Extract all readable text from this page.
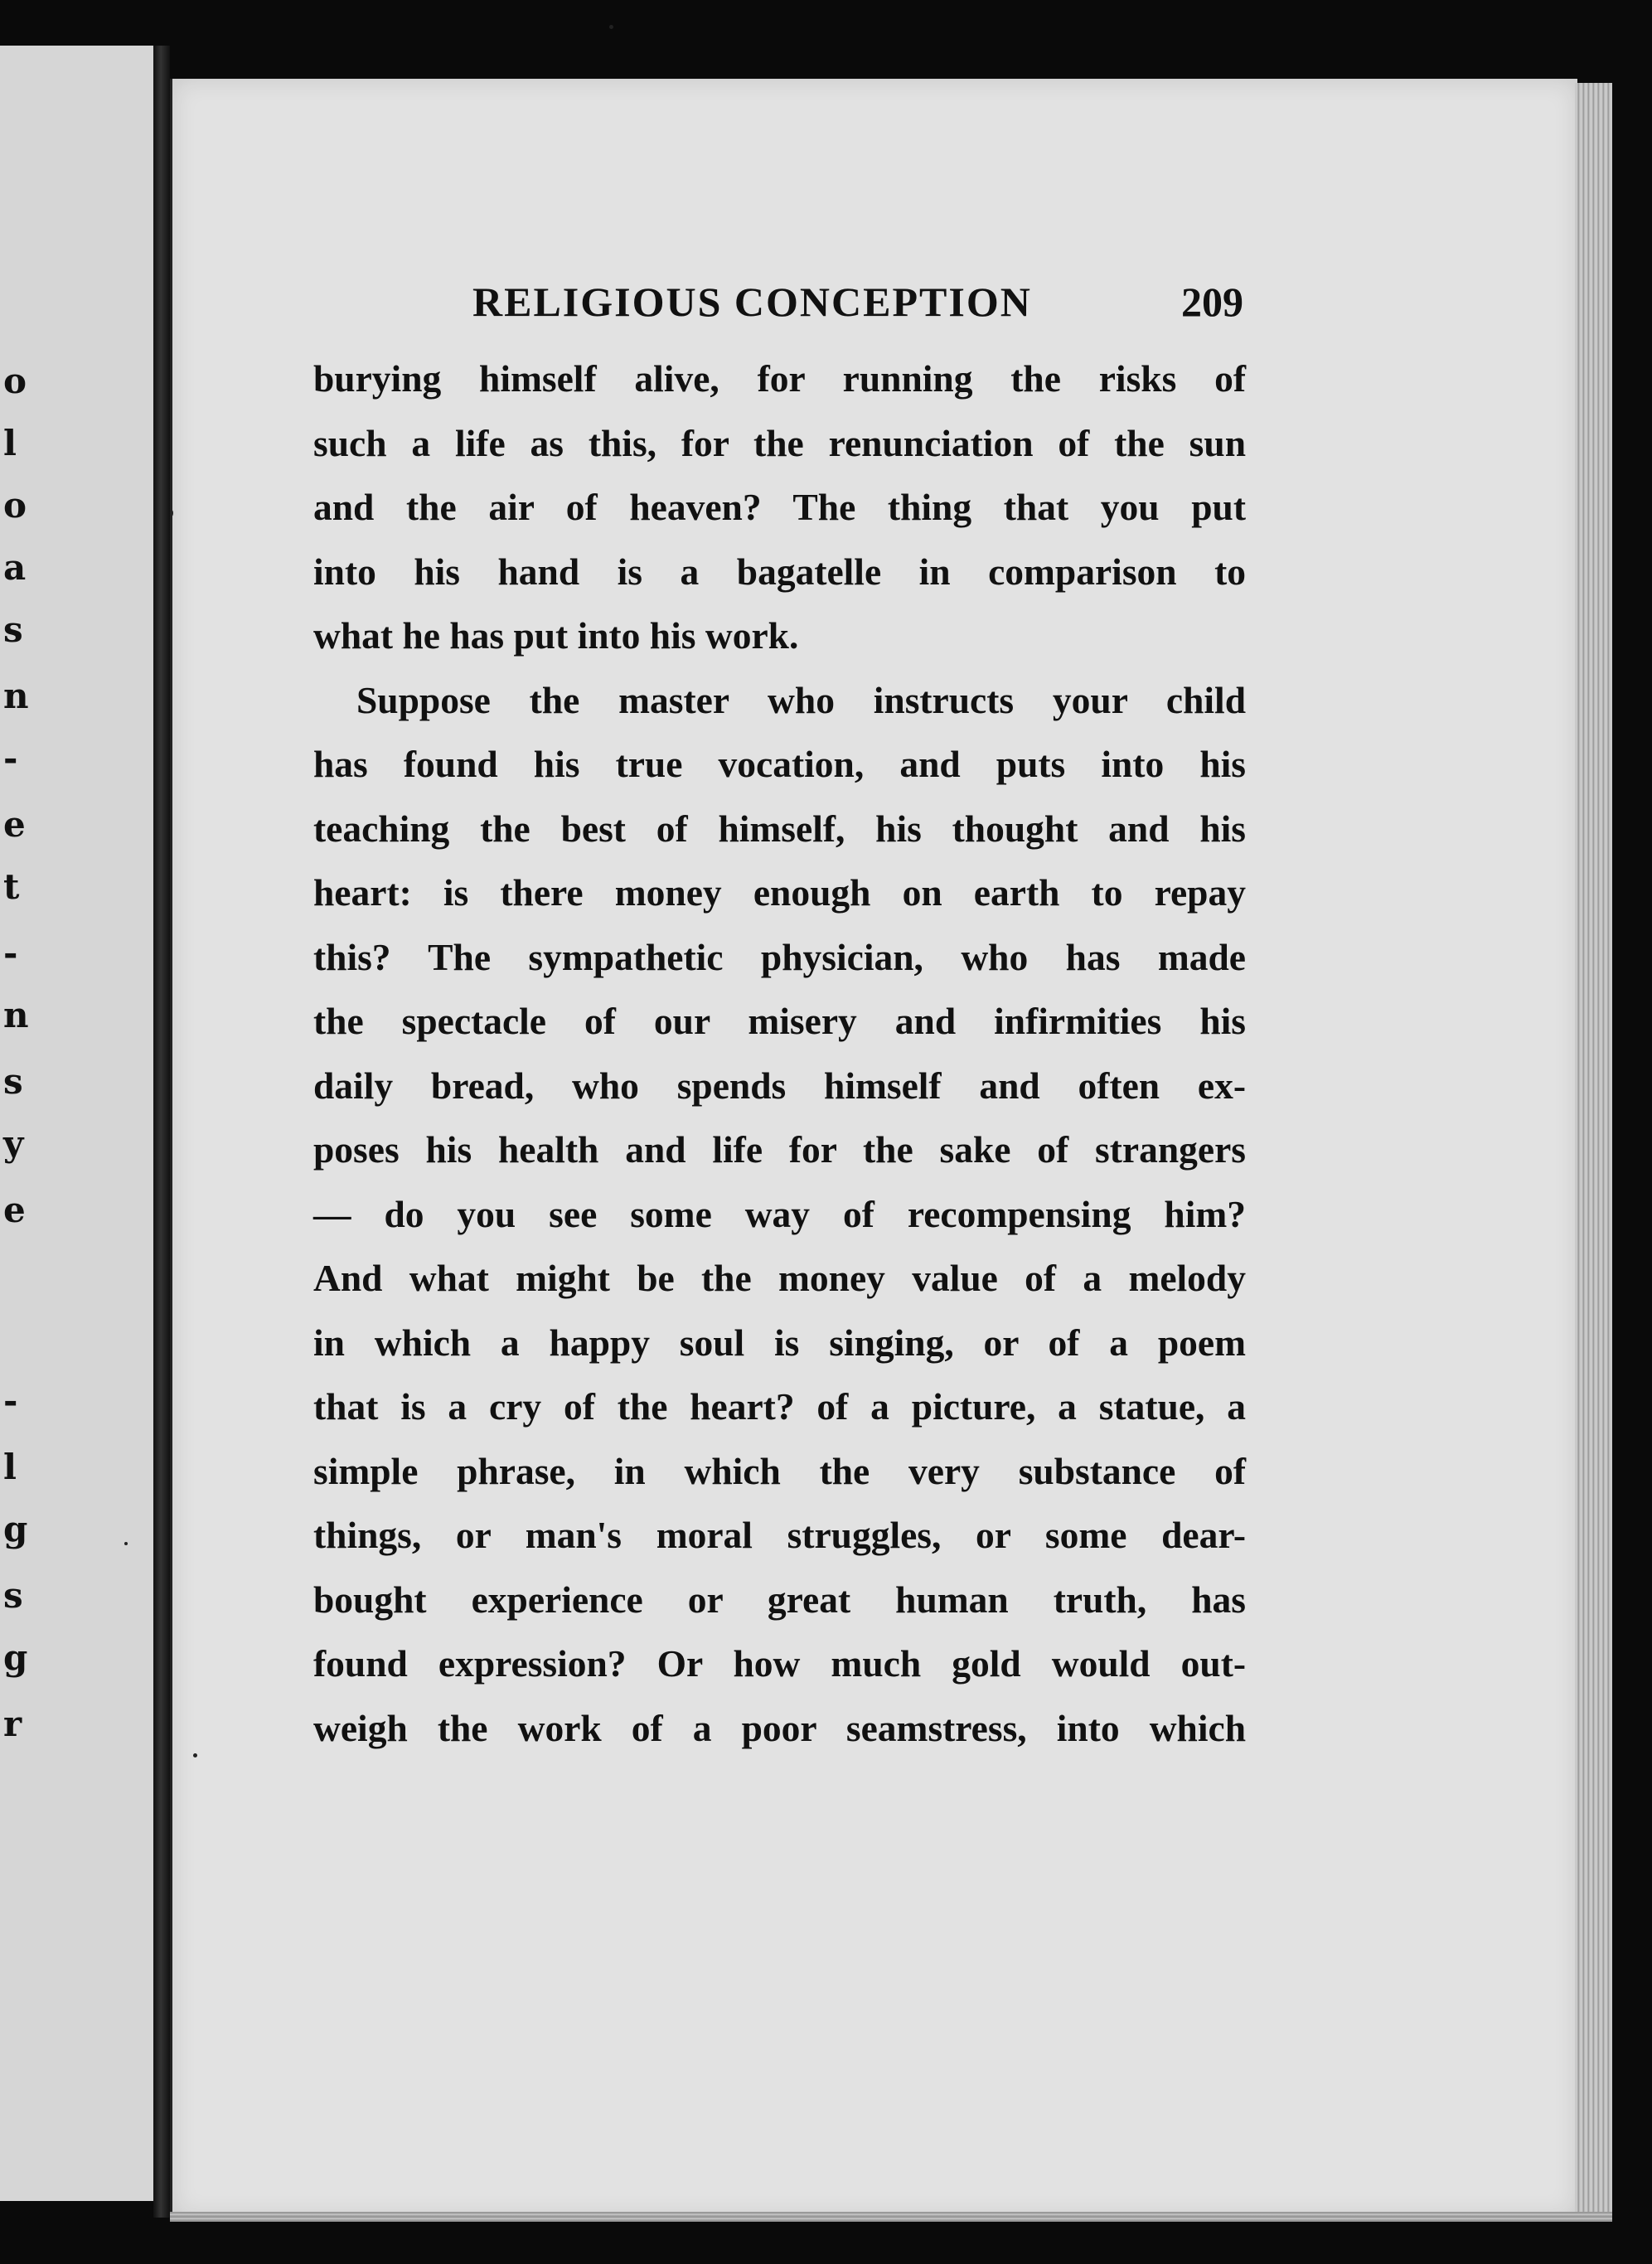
o
l
o
a
s
n
-
e
t
-
n
s
y
e
-
l
g
s
g
r
RELIGIOUS CONCEPTION	209
burying himself alive, for running the risks of
such a life as this, for the renunciation of the sun
and the air of heaven? The thing that you put
into his hand is a bagatelle in comparison to
what he has put into his work.
Suppose the master who instructs your child
has found his true vocation, and puts into his
teaching the best of himself, his thought and his
heart: is there money enough on earth to repay
this? The sympathetic physician, who has made
the spectacle of our misery and infirmities his
daily bread, who spends himself and often ex-
poses his health and life for the sake of strangers
— do you see some way of recompensing him?
And what might be the money value of a melody
in which a happy soul is singing, or of a poem
that is a cry of the heart? of a picture, a statue, a
simple phrase, in which the very substance of
things, or man's moral struggles, or some dear-
bought experience or great human truth, has
found expression? Or how much gold would out-
weigh the work of a poor seamstress, into which
